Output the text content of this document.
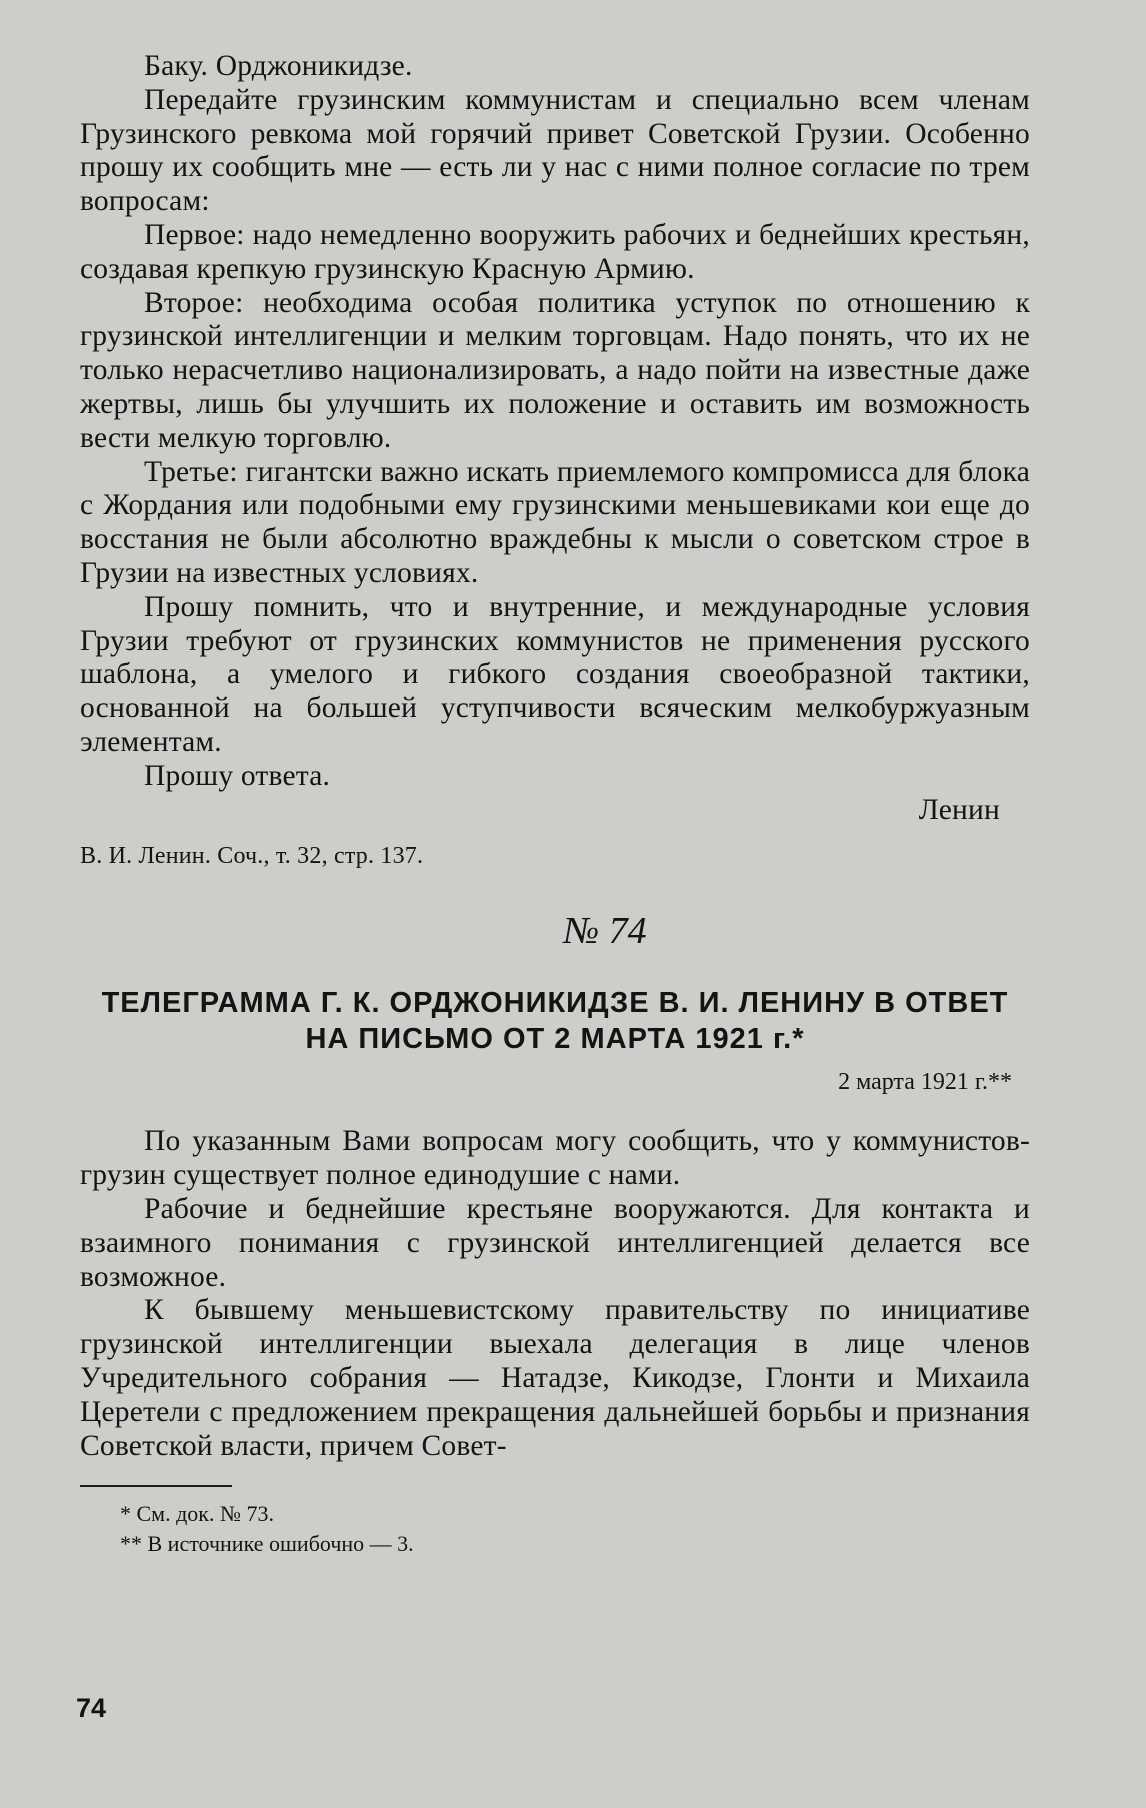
Баку. Орджоникидзе.

Передайте грузинским коммунистам и специально всем членам Грузинского ревкома мой горячий привет Советской Грузии. Особенно прошу их сообщить мне — есть ли у нас с ними полное согласие по трем вопросам:

Первое: надо немедленно вооружить рабочих и беднейших крестьян, создавая крепкую грузинскую Красную Армию.

Второе: необходима особая политика уступок по отношению к грузинской интеллигенции и мелким торговцам. Надо понять, что их не только нерасчетливо национализировать, а надо пойти на известные даже жертвы, лишь бы улучшить их положение и оставить им возможность вести мелкую торговлю.

Третье: гигантски важно искать приемлемого компромисса для блока с Жордания или подобными ему грузинскими меньшевиками кои еще до восстания не были абсолютно враждебны к мысли о советском строе в Грузии на известных условиях.

Прошу помнить, что и внутренние, и международные условия Грузии требуют от грузинских коммунистов не применения русского шаблона, а умелого и гибкого создания своеобразной тактики, основанной на большей уступчивости всяческим мелкобуржуазным элементам.

Прошу ответа.

Ленин

В. И. Ленин. Соч., т. 32, стр. 137.

№ 74
ТЕЛЕГРАММА Г. К. ОРДЖОНИКИДЗЕ В. И. ЛЕНИНУ В ОТВЕТ НА ПИСЬМО ОТ 2 МАРТА 1921 г.*
2 марта 1921 г.**

По указанным Вами вопросам могу сообщить, что у коммунистов-грузин существует полное единодушие с нами.

Рабочие и беднейшие крестьяне вооружаются. Для контакта и взаимного понимания с грузинской интеллигенцией делается все возможное.

К бывшему меньшевистскому правительству по инициативе грузинской интеллигенции выехала делегация в лице членов Учредительного собрания — Натадзе, Кикодзе, Глонти и Михаила Церетели с предложением прекращения дальнейшей борьбы и признания Советской власти, причем Совет-

* См. док. № 73.
** В источнике ошибочно — 3.
74
